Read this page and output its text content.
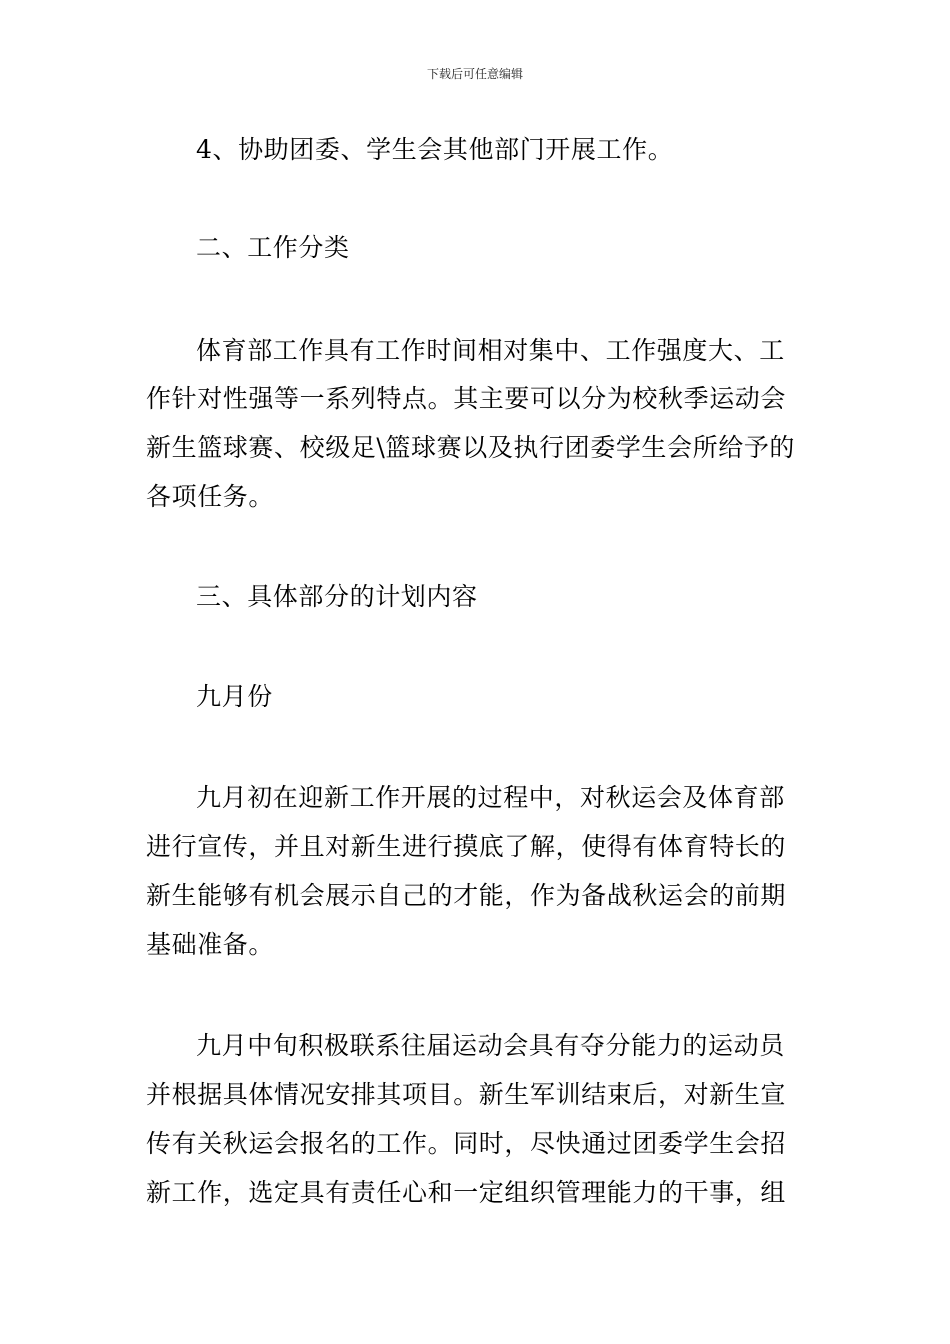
下载后可任意编辑
4、协助团委、学生会其他部门开展工作。
二、工作分类
体育部工作具有工作时间相对集中、工作强度大、工
作针对性强等一系列特点。其主要可以分为校秋季运动会
新生篮球赛、校级足\篮球赛以及执行团委学生会所给予的
各项任务。
三、具体部分的计划内容
九月份
九月初在迎新工作开展的过程中，对秋运会及体育部
进行宣传，并且对新生进行摸底了解，使得有体育特长的
新生能够有机会展示自己的才能，作为备战秋运会的前期
基础准备。
九月中旬积极联系往届运动会具有夺分能力的运动员
并根据具体情况安排其项目。新生军训结束后，对新生宣
传有关秋运会报名的工作。同时，尽快通过团委学生会招
新工作，选定具有责任心和一定组织管理能力的干事，组
